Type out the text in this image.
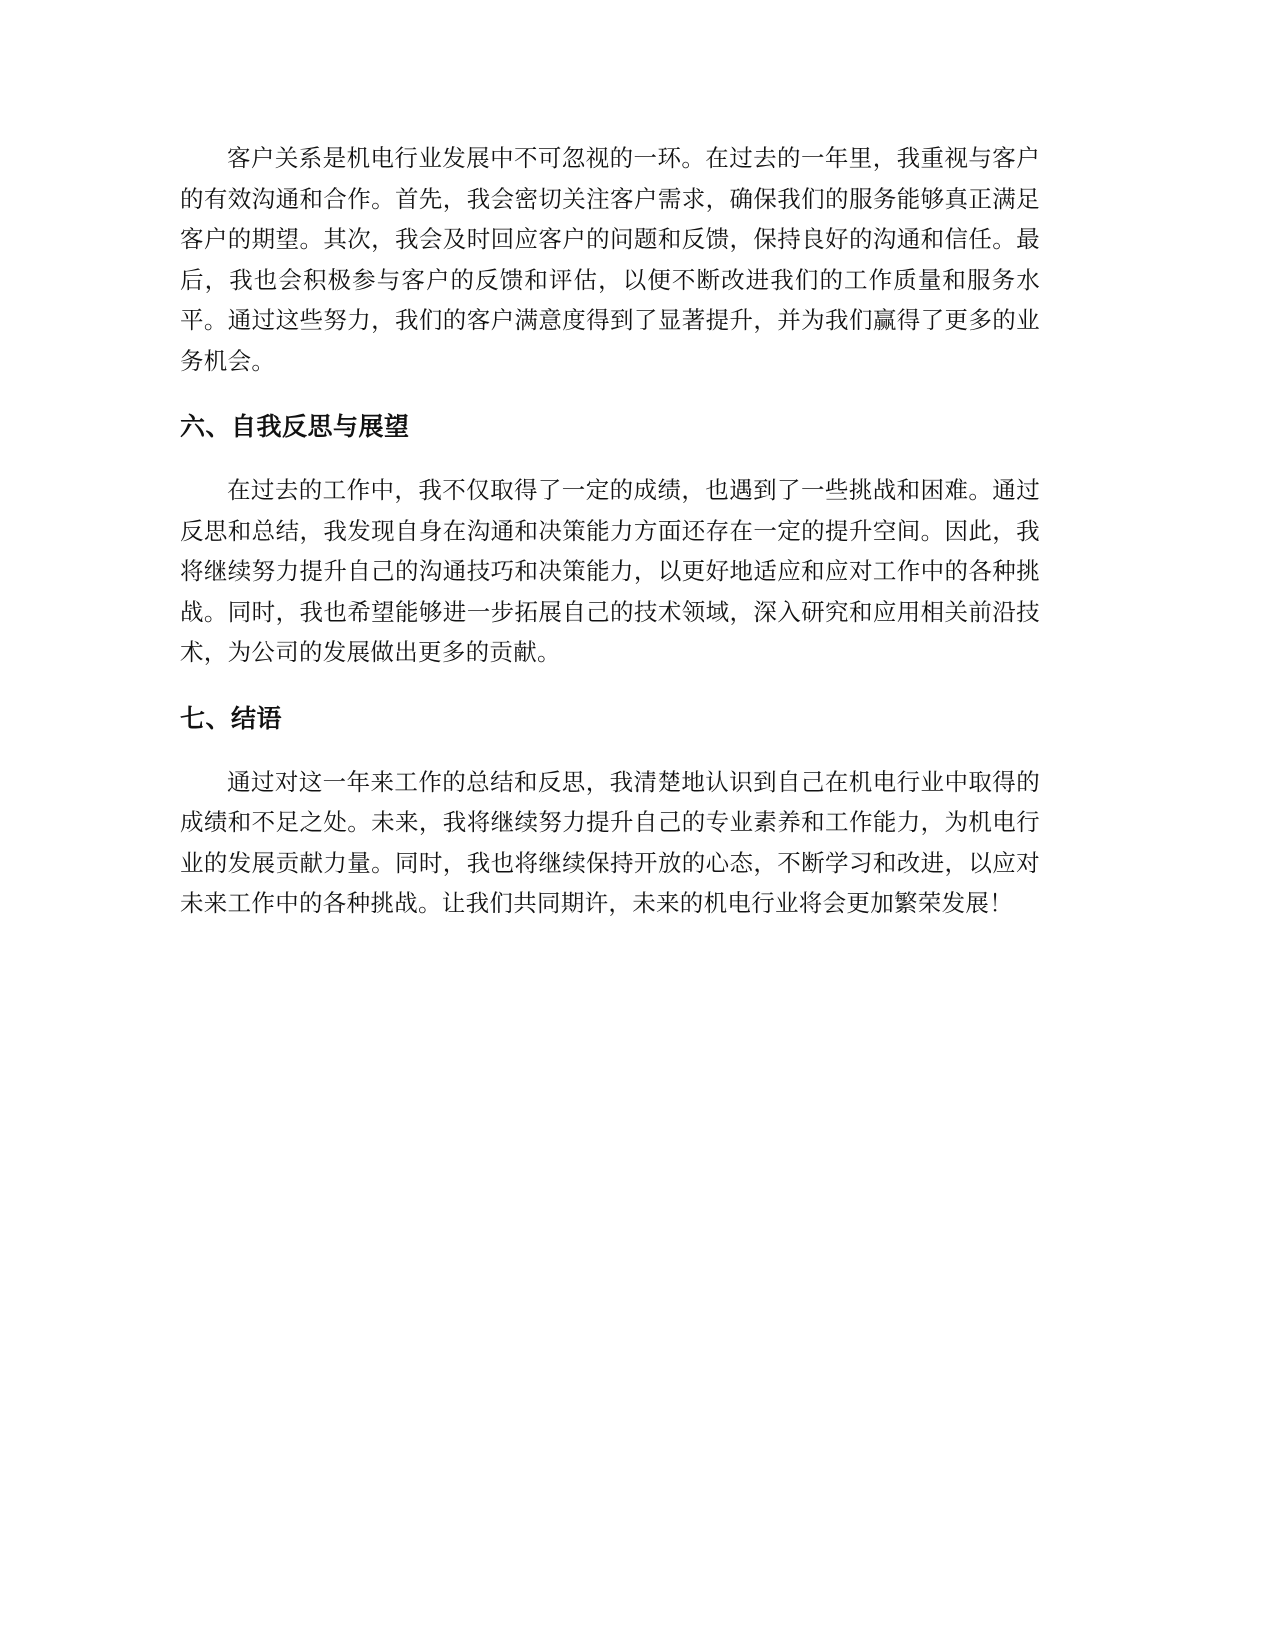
客户关系是机电行业发展中不可忽视的一环。在过去的一年里，我重视与客户的有效沟通和合作。首先，我会密切关注客户需求，确保我们的服务能够真正满足客户的期望。其次，我会及时回应客户的问题和反馈，保持良好的沟通和信任。最后，我也会积极参与客户的反馈和评估，以便不断改进我们的工作质量和服务水平。通过这些努力，我们的客户满意度得到了显著提升，并为我们赢得了更多的业务机会。

六、自我反思与展望

在过去的工作中，我不仅取得了一定的成绩，也遇到了一些挑战和困难。通过反思和总结，我发现自身在沟通和决策能力方面还存在一定的提升空间。因此，我将继续努力提升自己的沟通技巧和决策能力，以更好地适应和应对工作中的各种挑战。同时，我也希望能够进一步拓展自己的技术领域，深入研究和应用相关前沿技术，为公司的发展做出更多的贡献。

七、结语

通过对这一年来工作的总结和反思，我清楚地认识到自己在机电行业中取得的成绩和不足之处。未来，我将继续努力提升自己的专业素养和工作能力，为机电行业的发展贡献力量。同时，我也将继续保持开放的心态，不断学习和改进，以应对未来工作中的各种挑战。让我们共同期许，未来的机电行业将会更加繁荣发展！
